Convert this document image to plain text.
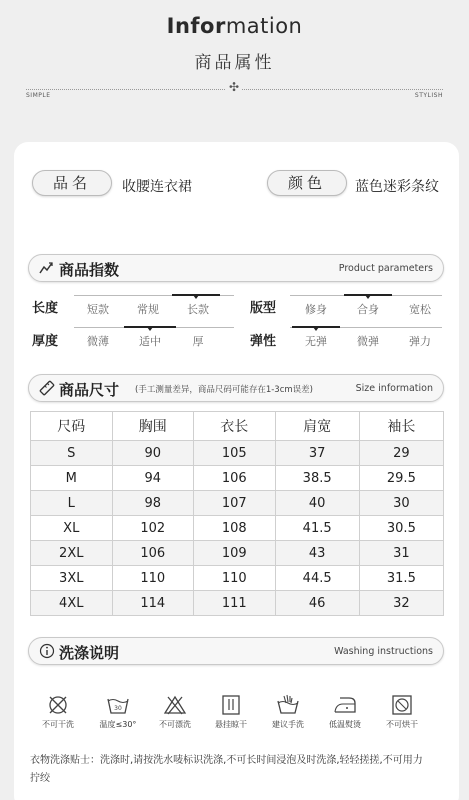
Information
商品属性
✣
SIMPLE	STYLISH
品名	收腰连衣裙	颜色	蓝色迷彩条纹
商品指数	Product parameters
长度	短款	常规	长款	版型	修身	合身	宽松
厚度	微薄	适中	厚	弹性	无弹	微弹	弹力
商品尺寸 (手工测量差异，商品尺码可能存在1-3cm误差)	Size information
尺码	胸围	衣长	肩宽	袖长
S	90	105	37	29
M	94	106	38.5	29.5
L	98	107	40	30
XL	102	108	41.5	30.5
2XL	106	109	43	31
3XL	110	110	44.5	31.5
4XL	114	111	46	32
洗涤说明	Washing instructions
不可干洗
30
温度≤30°	不可漂洗	悬挂晾干	建议手洗	低温熨烫	不可烘干
衣物洗涤贴士：洗涤时,请按洗水唛标识洗涤,不可长时间浸泡及时洗涤,轻轻搓搓,不可用力拧绞
